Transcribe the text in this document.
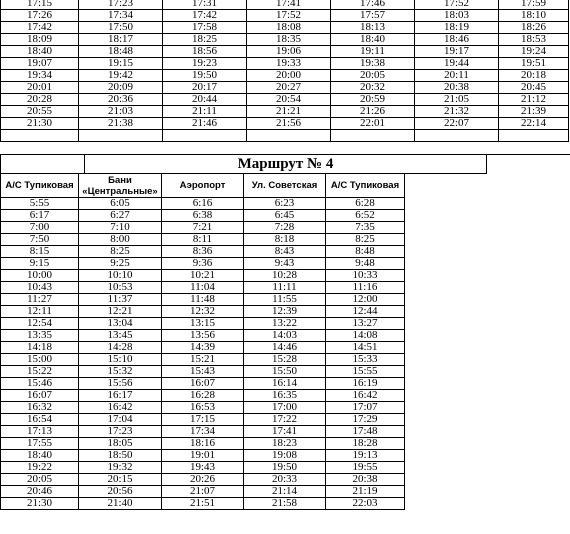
17:15	17:23	17:31	17:41	17:46	17:52	17:59
17:26	17:34	17:42	17:52	17:57	18:03	18:10
17:42	17:50	17:58	18:08	18:13	18:19	18:26
18:09	18:17	18:25	18:35	18:40	18:46	18:53
18:40	18:48	18:56	19:06	19:11	19:17	19:24
19:07	19:15	19:23	19:33	19:38	19:44	19:51
19:34	19:42	19:50	20:00	20:05	20:11	20:18
20:01	20:09	20:17	20:27	20:32	20:38	20:45
20:28	20:36	20:44	20:54	20:59	21:05	21:12
20:55	21:03	21:11	21:21	21:26	21:32	21:39
21:30	21:38	21:46	21:56	22:01	22:07	22:14

	Маршрут № 4	
А/С Тупиковая	Бани «Центральные»	Аэропорт	Ул. Советская	А/С Тупиковая
5:55	6:05	6:16	6:23	6:28
6:17	6:27	6:38	6:45	6:52
7:00	7:10	7:21	7:28	7:35
7:50	8:00	8:11	8:18	8:25
8:15	8:25	8:36	8:43	8:48
9:15	9:25	9:36	9:43	9:48
10:00	10:10	10:21	10:28	10:33
10:43	10:53	11:04	11:11	11:16
11:27	11:37	11:48	11:55	12:00
12:11	12:21	12:32	12:39	12:44
12:54	13:04	13:15	13:22	13:27
13:35	13:45	13:56	14:03	14:08
14:18	14:28	14:39	14:46	14:51
15:00	15:10	15:21	15:28	15:33
15:22	15:32	15:43	15:50	15:55
15:46	15:56	16:07	16:14	16:19
16:07	16:17	16:28	16:35	16:42
16:32	16:42	16:53	17:00	17:07
16:54	17:04	17:15	17:22	17:29
17:13	17:23	17:34	17:41	17:48
17:55	18:05	18:16	18:23	18:28
18:40	18:50	19:01	19:08	19:13
19:22	19:32	19:43	19:50	19:55
20:05	20:15	20:26	20:33	20:38
20:46	20:56	21:07	21:14	21:19
21:30	21:40	21:51	21:58	22:03
